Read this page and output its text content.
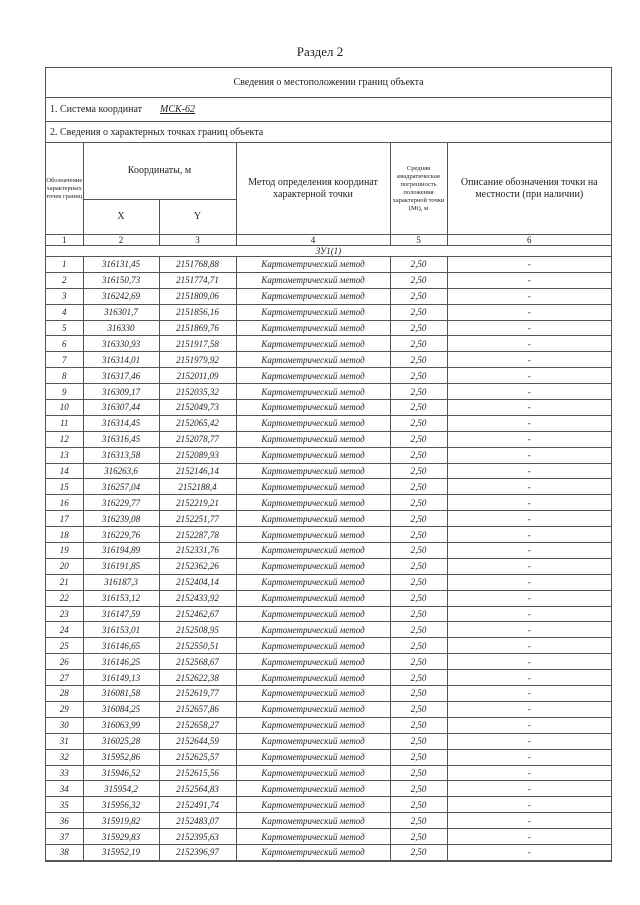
Раздел 2
Сведения о местоположении границ объекта
1. Система координат МСК-62
2. Сведения о характерных точках границ объекта
Обозначение характерных точек границ	Координаты, м		Метод определения координат характерной точки	Средняя квадратическая погрешность положения характерной точки (Mt), м	Описание обозначения точки на местности (при наличии)
	X	Y			
1	2	3	4	5	6
ЗУ1(1)					
1	316131,45	2151768,88	Картометрический метод	2,50	-
2	316150,73	2151774,71	Картометрический метод	2,50	-
3	316242,69	2151809,06	Картометрический метод	2,50	-
4	316301,7	2151856,16	Картометрический метод	2,50	-
5	316330	2151869,76	Картометрический метод	2,50	-
6	316330,93	2151917,58	Картометрический метод	2,50	-
7	316314,01	2151979,92	Картометрический метод	2,50	-
8	316317,46	2152011,09	Картометрический метод	2,50	-
9	316309,17	2152035,32	Картометрический метод	2,50	-
10	316307,44	2152049,73	Картометрический метод	2,50	-
11	316314,45	2152065,42	Картометрический метод	2,50	-
12	316316,45	2152078,77	Картометрический метод	2,50	-
13	316313,58	2152089,93	Картометрический метод	2,50	-
14	316263,6	2152146,14	Картометрический метод	2,50	-
15	316257,04	2152188,4	Картометрический метод	2,50	-
16	316229,77	2152219,21	Картометрический метод	2,50	-
17	316239,08	2152251,77	Картометрический метод	2,50	-
18	316229,76	2152287,78	Картометрический метод	2,50	-
19	316194,89	2152331,76	Картометрический метод	2,50	-
20	316191,85	2152362,26	Картометрический метод	2,50	-
21	316187,3	2152404,14	Картометрический метод	2,50	-
22	316153,12	2152433,92	Картометрический метод	2,50	-
23	316147,59	2152462,67	Картометрический метод	2,50	-
24	316153,01	2152508,95	Картометрический метод	2,50	-
25	316146,65	2152550,51	Картометрический метод	2,50	-
26	316146,25	2152568,67	Картометрический метод	2,50	-
27	316149,13	2152622,38	Картометрический метод	2,50	-
28	316081,58	2152619,77	Картометрический метод	2,50	-
29	316084,25	2152657,86	Картометрический метод	2,50	-
30	316063,99	2152658,27	Картометрический метод	2,50	-
31	316025,28	2152644,59	Картометрический метод	2,50	-
32	315952,86	2152625,57	Картометрический метод	2,50	-
33	315946,52	2152615,56	Картометрический метод	2,50	-
34	315954,2	2152564,83	Картометрический метод	2,50	-
35	315956,32	2152491,74	Картометрический метод	2,50	-
36	315919,82	2152483,07	Картометрический метод	2,50	-
37	315929,83	2152395,63	Картометрический метод	2,50	-
38	315952,19	2152396,97	Картометрический метод	2,50	-
